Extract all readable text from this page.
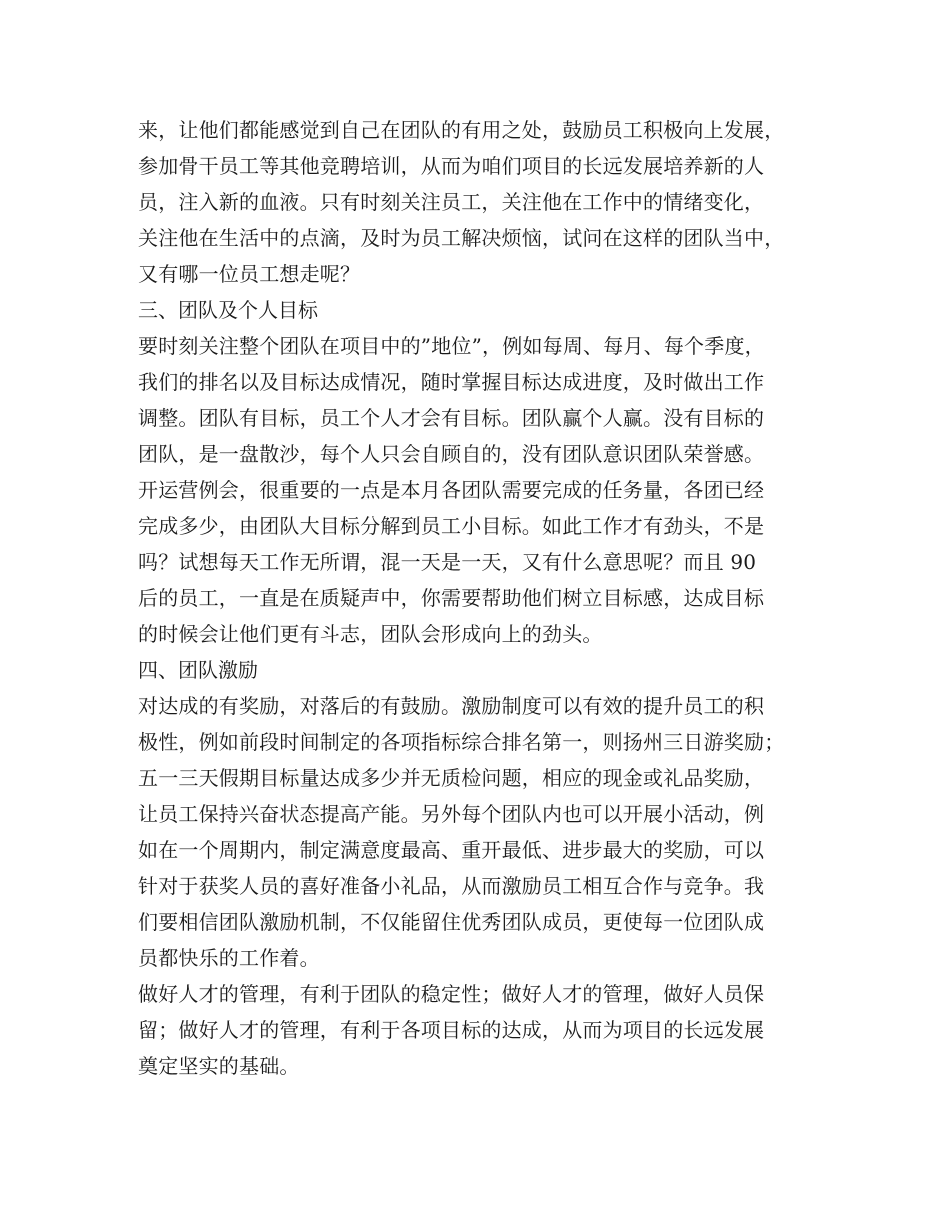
来，让他们都能感觉到自己在团队的有用之处，鼓励员工积极向上发展，
参加骨干员工等其他竞聘培训，从而为咱们项目的长远发展培养新的人
员，注入新的血液。只有时刻关注员工，关注他在工作中的情绪变化，
关注他在生活中的点滴，及时为员工解决烦恼，试问在这样的团队当中，
又有哪一位员工想走呢？
三、团队及个人目标
要时刻关注整个团队在项目中的”地位”，例如每周、每月、每个季度，
我们的排名以及目标达成情况，随时掌握目标达成进度，及时做出工作
调整。团队有目标，员工个人才会有目标。团队赢个人赢。没有目标的
团队，是一盘散沙，每个人只会自顾自的，没有团队意识团队荣誉感。
开运营例会，很重要的一点是本月各团队需要完成的任务量，各团已经
完成多少，由团队大目标分解到员工小目标。如此工作才有劲头，不是
吗？试想每天工作无所谓，混一天是一天，又有什么意思呢？而且 90
后的员工，一直是在质疑声中，你需要帮助他们树立目标感，达成目标
的时候会让他们更有斗志，团队会形成向上的劲头。
四、团队激励
对达成的有奖励，对落后的有鼓励。激励制度可以有效的提升员工的积
极性，例如前段时间制定的各项指标综合排名第一，则扬州三日游奖励；
五一三天假期目标量达成多少并无质检问题，相应的现金或礼品奖励，
让员工保持兴奋状态提高产能。另外每个团队内也可以开展小活动，例
如在一个周期内，制定满意度最高、重开最低、进步最大的奖励，可以
针对于获奖人员的喜好准备小礼品，从而激励员工相互合作与竞争。我
们要相信团队激励机制，不仅能留住优秀团队成员，更使每一位团队成
员都快乐的工作着。
做好人才的管理，有利于团队的稳定性；做好人才的管理，做好人员保
留；做好人才的管理，有利于各项目标的达成，从而为项目的长远发展
奠定坚实的基础。
